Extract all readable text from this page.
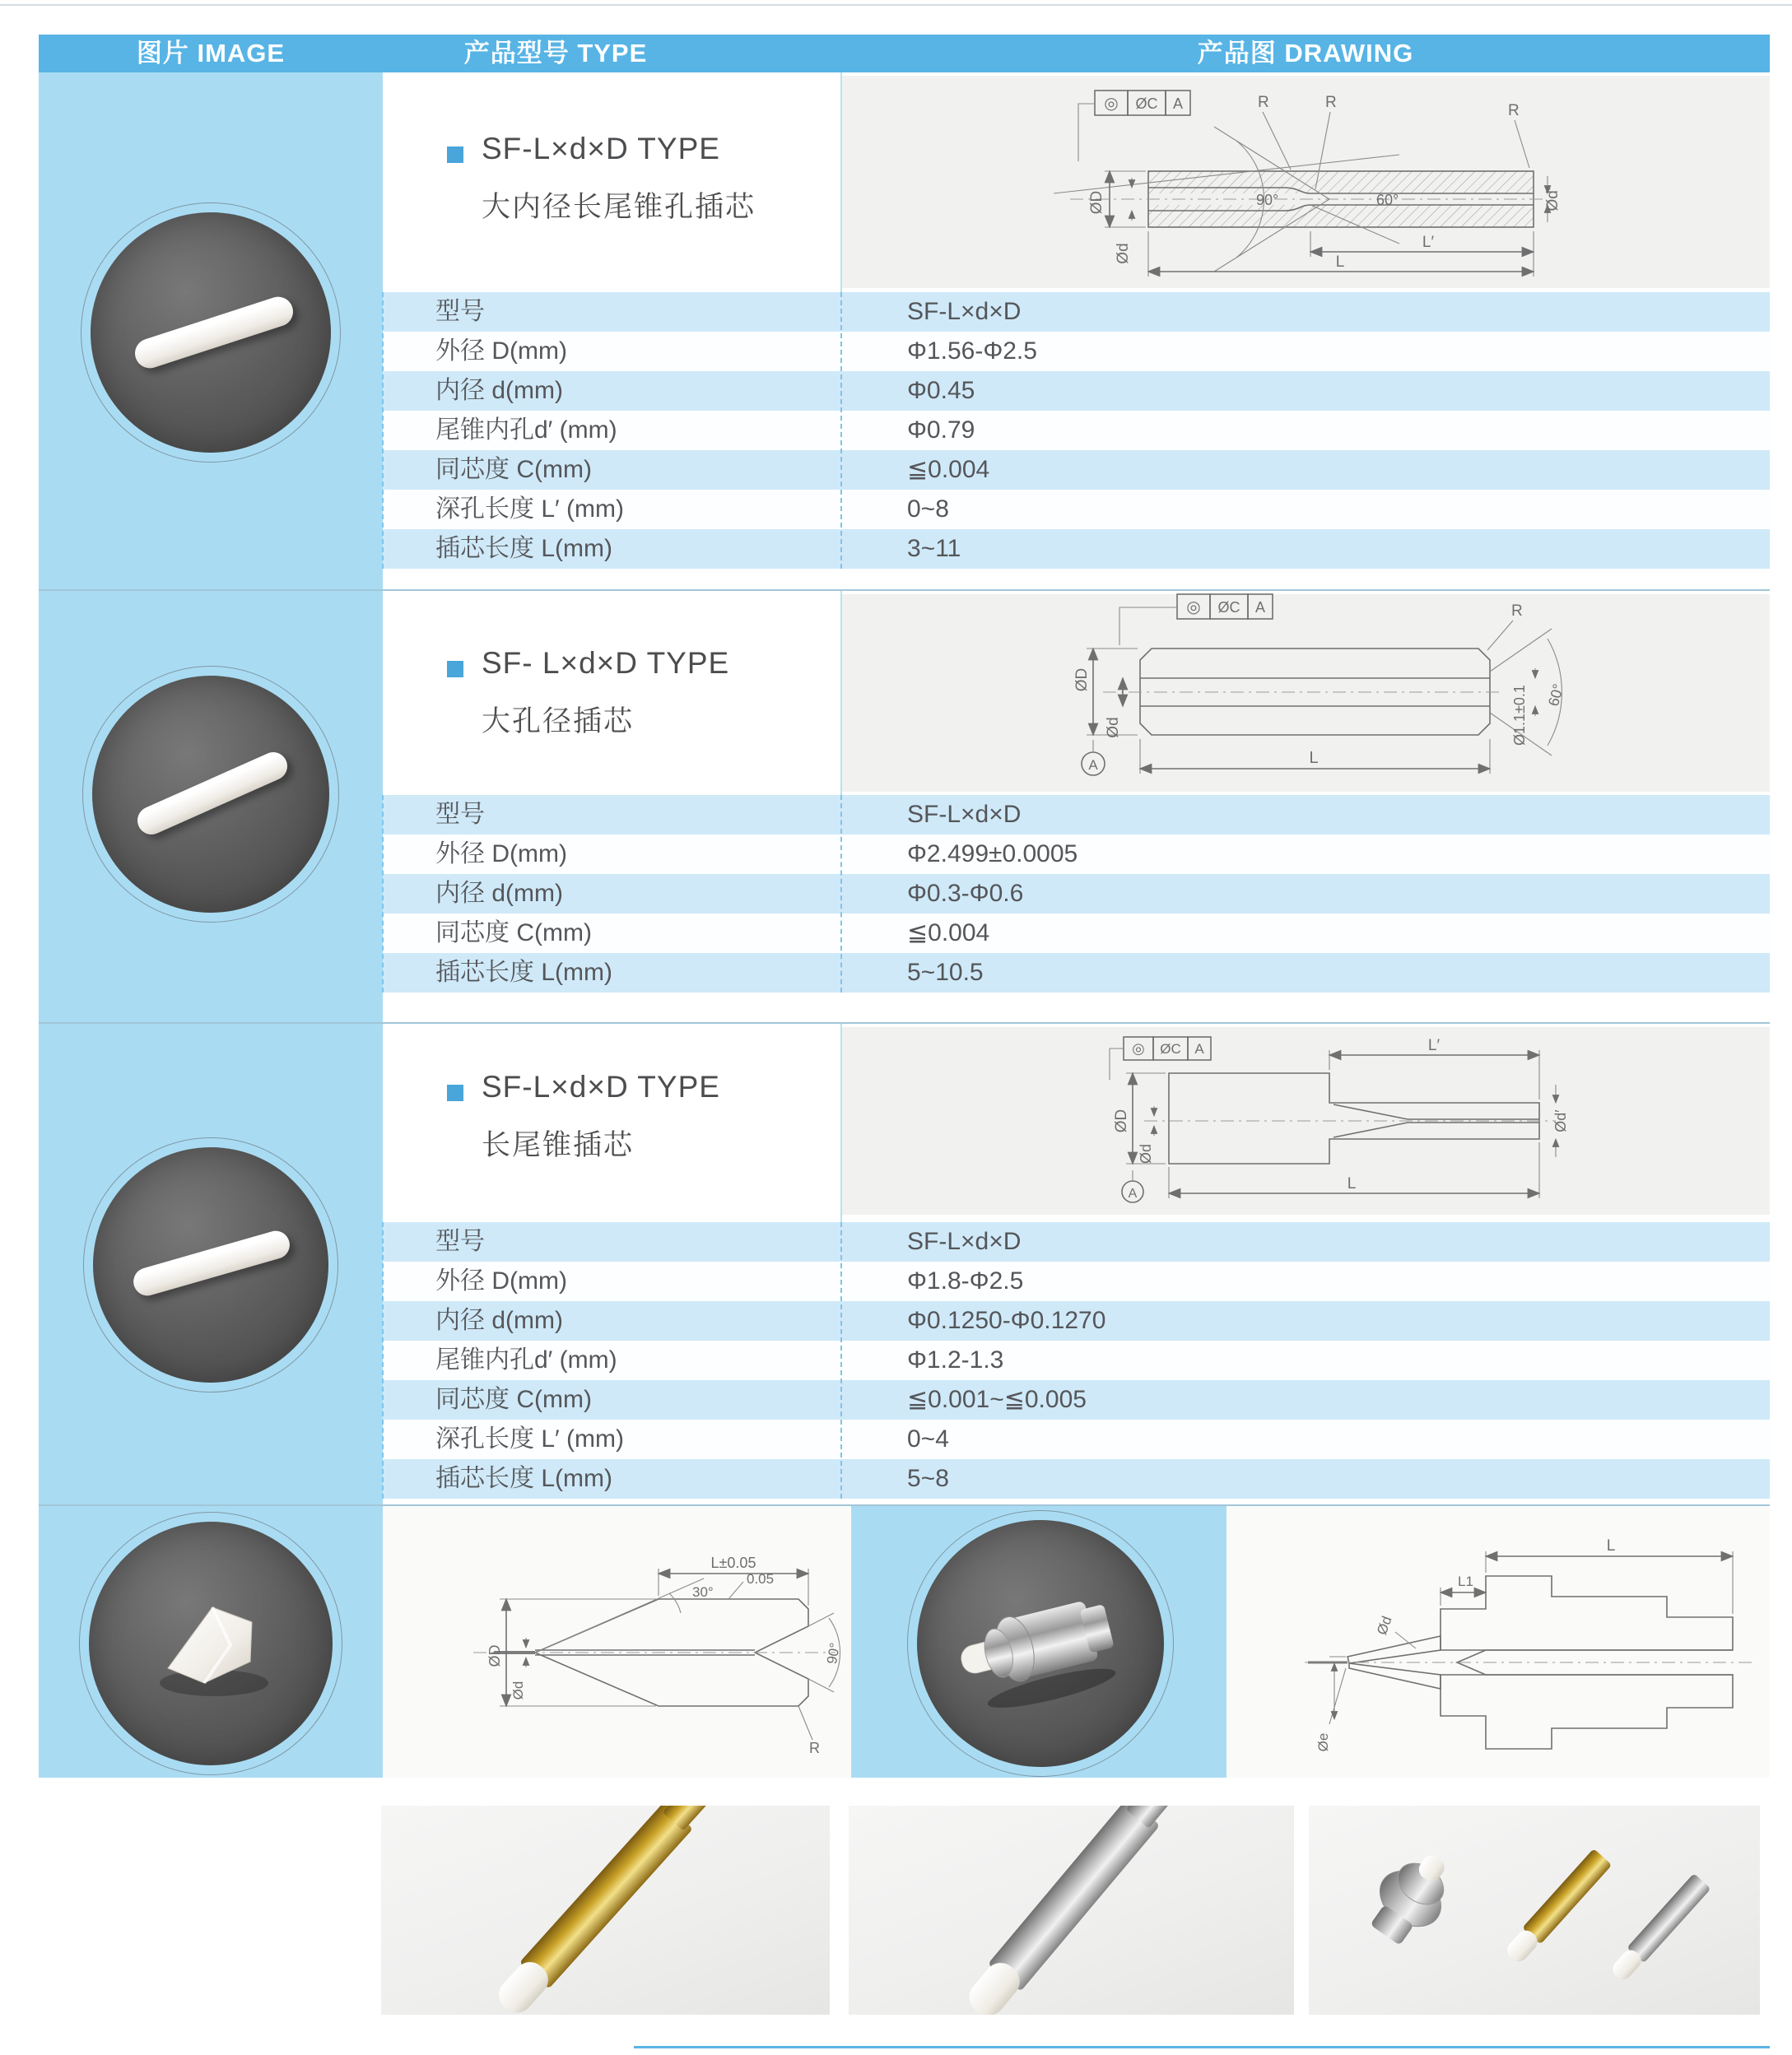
图片 IMAGE	产品型号 TYPE	产品图 DRAWING
SF-L×d×D TYPE
大内径长尾锥孔插芯
型号	SF-L×d×D
外径 D(mm)	Φ1.56-Φ2.5
内径 d(mm)	Φ0.45
尾锥内孔d′ (mm)	Φ0.79
同芯度 C(mm)	≦0.004
深孔长度 L′ (mm)	0~8
插芯长度 L(mm)	3~11
SF- L×d×D TYPE
大孔径插芯
型号	SF-L×d×D
外径 D(mm)	Φ2.499±0.0005
内径 d(mm)	Φ0.3-Φ0.6
同芯度 C(mm)	≦0.004
插芯长度 L(mm)	5~10.5
SF-L×d×D TYPE
长尾锥插芯
型号	SF-L×d×D
外径 D(mm)	Φ1.8-Φ2.5
内径 d(mm)	Φ0.1250-Φ0.1270
尾锥内孔d′ (mm)	Φ1.2-1.3
同芯度 C(mm)	≦0.001~≦0.005
深孔长度 L′ (mm)	0~4
插芯长度 L(mm)	5~8
◎ ØC A
90°	60°
R	R	R
ØD
Ød
Ød′
L′
L
◎ ØC A
60°
R
ØD
Ød
A
Ø1.1±0.1
L
◎ ØC A	L′
ØD
Ød
Ød′
L
A
L±0.05
30°
0.05
ØD
Ød
90°
R
L
L1
Ød
Øe
